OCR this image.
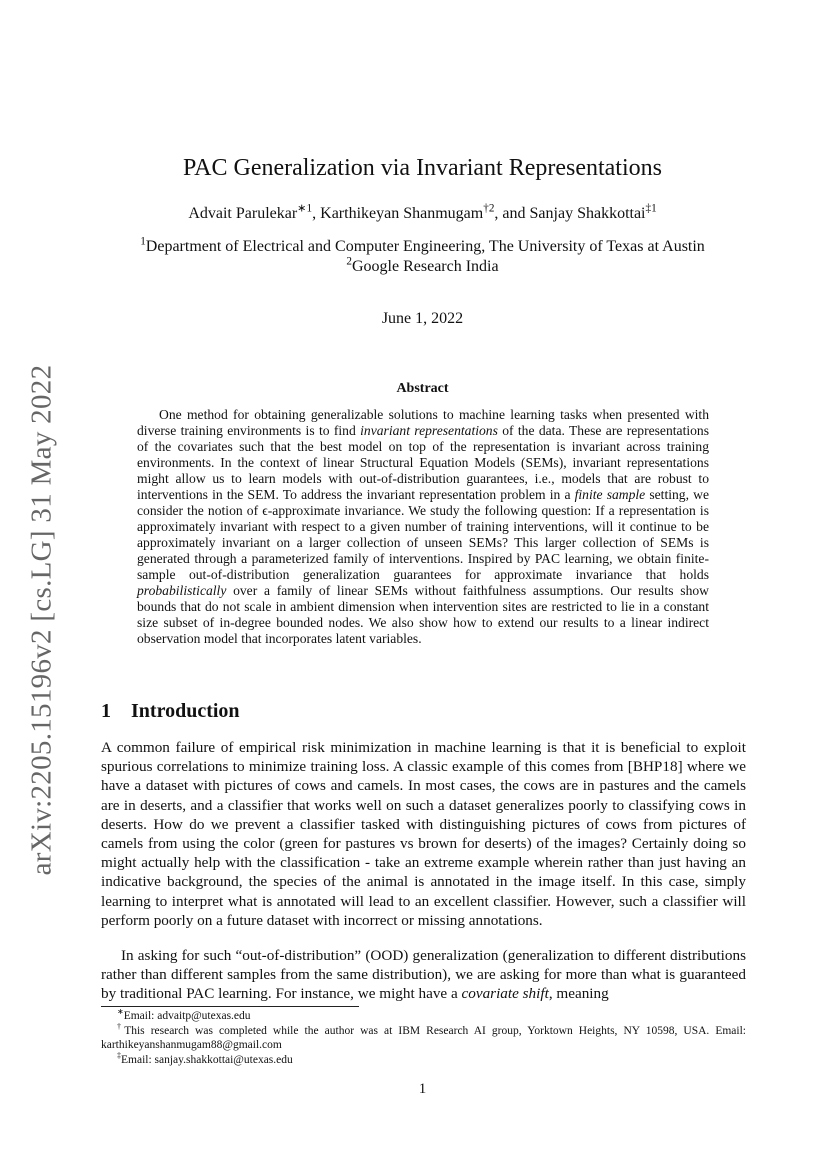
arXiv:2205.15196v2 [cs.LG] 31 May 2022
PAC Generalization via Invariant Representations
Advait Parulekar$^{∗1}$, Karthikeyan Shanmugam$^{\dagger 2}$, and Sanjay Shakkottai$^{\ddagger 1}$
$^1$Department of Electrical and Computer Engineering, The University of Texas at Austin
$^2$Google Research India
June 1, 2022
Abstract
One method for obtaining generalizable solutions to machine learning tasks when presented with diverse training environments is to find invariant representations of the data. These are representations of the covariates such that the best model on top of the representation is invariant across training environments. In the context of linear Structural Equation Models (SEMs), invariant representations might allow us to learn models with out-of-distribution guarantees, i.e., models that are robust to interventions in the SEM. To address the invariant representation problem in a finite sample setting, we consider the notion of ϵ-approximate invariance. We study the following question: If a representation is approximately invariant with respect to a given number of training interventions, will it continue to be approximately invariant on a larger collection of unseen SEMs? This larger collection of SEMs is generated through a parameterized family of interventions. Inspired by PAC learning, we obtain finite-sample out-of-distribution generalization guarantees for approximate invariance that holds probabilistically over a family of linear SEMs without faithfulness assumptions. Our results show bounds that do not scale in ambient dimension when intervention sites are restricted to lie in a constant size subset of in-degree bounded nodes. We also show how to extend our results to a linear indirect observation model that incorporates latent variables.
1 Introduction
A common failure of empirical risk minimization in machine learning is that it is beneficial to exploit spurious correlations to minimize training loss. A classic example of this comes from [BHP18] where we have a dataset with pictures of cows and camels. In most cases, the cows are in pastures and the camels are in deserts, and a classifier that works well on such a dataset generalizes poorly to classifying cows in deserts. How do we prevent a classifier tasked with distinguishing pictures of cows from pictures of camels from using the color (green for pastures vs brown for deserts) of the images? Certainly doing so might actually help with the classification - take an extreme example wherein rather than just having an indicative background, the species of the animal is annotated in the image itself. In this case, simply learning to interpret what is annotated will lead to an excellent classifier. However, such a classifier will perform poorly on a future dataset with incorrect or missing annotations.
In asking for such “out-of-distribution” (OOD) generalization (generalization to different distributions rather than different samples from the same distribution), we are asking for more than what is guaranteed by traditional PAC learning. For instance, we might have a covariate shift, meaning
∗Email: advaitp@utexas.edu
†This research was completed while the author was at IBM Research AI group, Yorktown Heights, NY 10598, USA. Email: karthikeyanshanmugam88@gmail.com
‡Email: sanjay.shakkottai@utexas.edu
1
